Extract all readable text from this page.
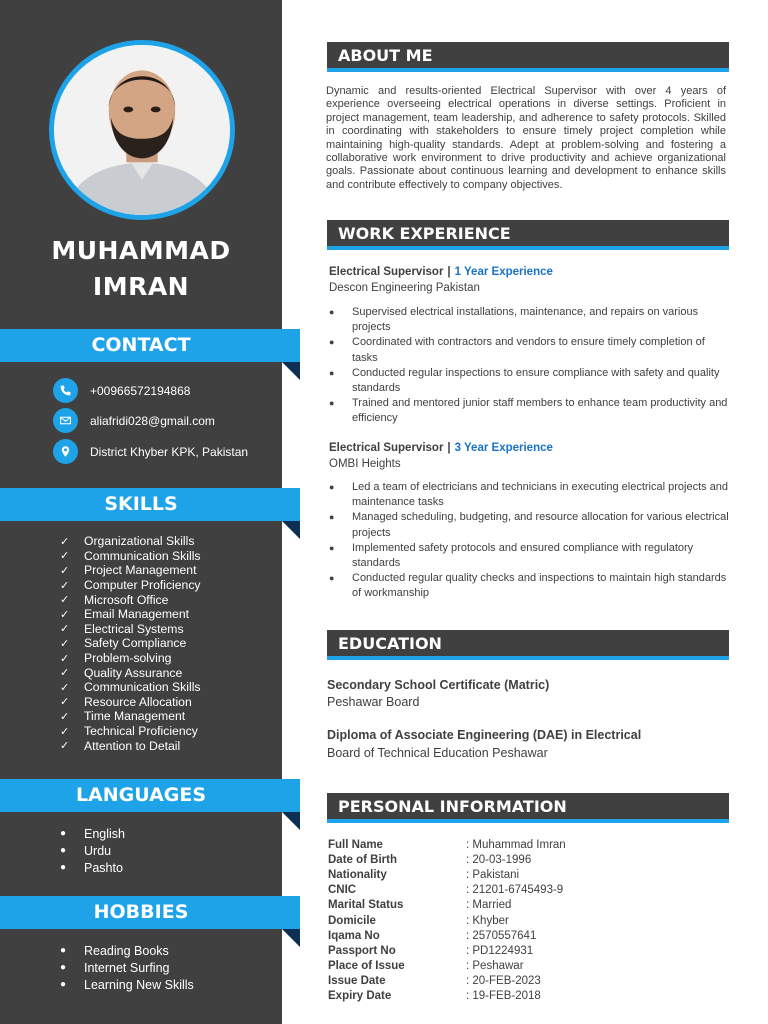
MUHAMMAD
IMRAN
CONTACT
+00966572194868
aliafridi028@gmail.com
District Khyber KPK, Pakistan
SKILLS
✓	Organizational Skills
✓	Communication Skills
✓	Project Management
✓	Computer Proficiency
✓	Microsoft Office
✓	Email Management
✓	Electrical Systems
✓	Safety Compliance
✓	Problem-solving
✓	Quality Assurance
✓	Communication Skills
✓	Resource Allocation
✓	Time Management
✓	Technical Proficiency
✓	Attention to Detail
LANGUAGES
●	English
●	Urdu
●	Pashto
HOBBIES
●	Reading Books
●	Internet Surfing
●	Learning New Skills
ABOUT ME

Dynamic and results-oriented Electrical Supervisor with over 4 years of experience overseeing electrical operations in diverse settings. Proficient in project management, team leadership, and adherence to safety protocols. Skilled in coordinating with stakeholders to ensure timely project completion while maintaining high-quality standards. Adept at problem-solving and fostering a collaborative work environment to drive productivity and achieve organizational goals. Passionate about continuous learning and development to enhance skills and contribute effectively to company objectives.

WORK EXPERIENCE
Electrical Supervisor | 1 Year Experience
Descon Engineering Pakistan
●	Supervised electrical installations, maintenance, and repairs on various projects
●	Coordinated with contractors and vendors to ensure timely completion of tasks
●	Conducted regular inspections to ensure compliance with safety and quality standards
●	Trained and mentored junior staff members to enhance team productivity and efficiency
Electrical Supervisor | 3 Year Experience
OMBI Heights
●	Led a team of electricians and technicians in executing electrical projects and maintenance tasks
●	Managed scheduling, budgeting, and resource allocation for various electrical projects
●	Implemented safety protocols and ensured compliance with regulatory standards
●	Conducted regular quality checks and inspections to maintain high standards of workmanship
EDUCATION
Secondary School Certificate (Matric)
Peshawar Board
Diploma of Associate Engineering (DAE) in Electrical
Board of Technical Education Peshawar
PERSONAL INFORMATION
Full Name	: Muhammad Imran
Date of Birth	: 20-03-1996
Nationality	: Pakistani
CNIC	: 21201-6745493-9
Marital Status	: Married
Domicile	: Khyber
Iqama No	: 2570557641
Passport No	: PD1224931
Place of Issue	: Peshawar
Issue Date	: 20-FEB-2023
Expiry Date	: 19-FEB-2018
